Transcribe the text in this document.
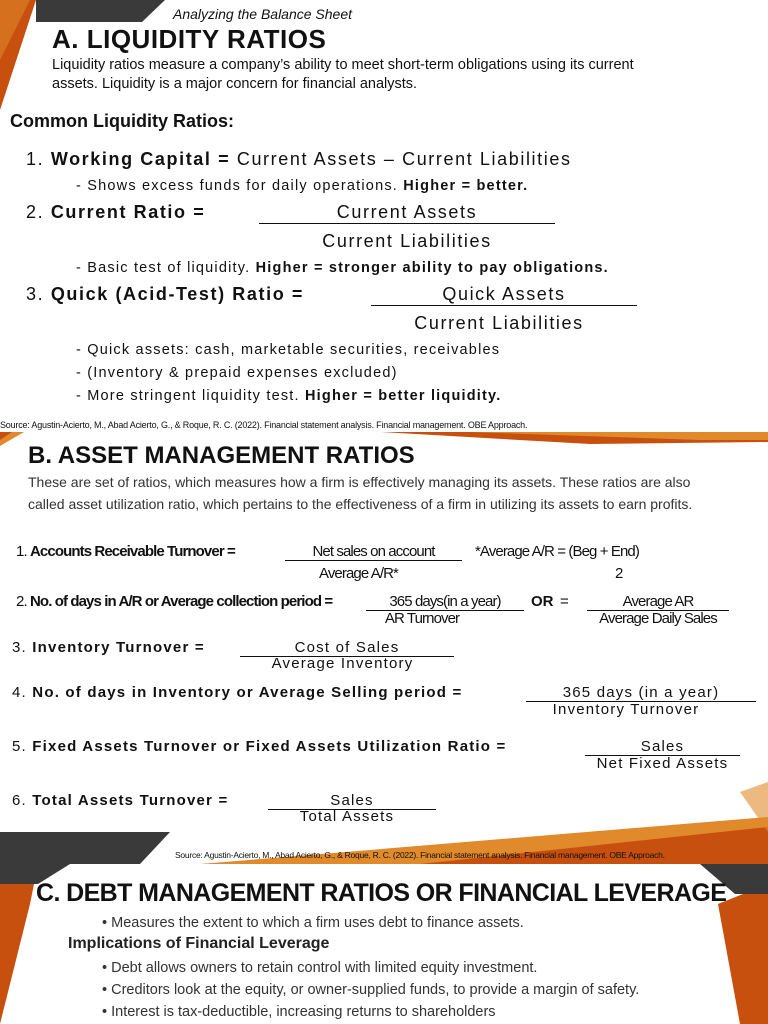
Analyzing the Balance Sheet
A. LIQUIDITY RATIOS
Liquidity ratios measure a company’s ability to meet short-term obligations using its current
assets. Liquidity is a major concern for financial analysts.
Common Liquidity Ratios:
1. Working Capital = Current Assets – Current Liabilities
- Shows excess funds for daily operations. Higher = better.
2. Current Ratio =	Current Assets
Current Liabilities
- Basic test of liquidity. Higher = stronger ability to pay obligations.
3. Quick (Acid-Test) Ratio =	Quick Assets
Current Liabilities
- Quick assets: cash, marketable securities, receivables
- (Inventory & prepaid expenses excluded)
- More stringent liquidity test. Higher = better liquidity.
Source: Agustin-Acierto, M., Abad Acierto, G., & Roque, R. C. (2022). Financial statement analysis. Financial management. OBE Approach.
B. ASSET MANAGEMENT RATIOS
These are set of ratios, which measures how a firm is effectively managing its assets. These ratios are also
called asset utilization ratio, which pertains to the effectiveness of a firm in utilizing its assets to earn profits.
1. Accounts Receivable Turnover =	Net sales on account
Average A/R*
*Average A/R = (Beg + End)
2
2. No. of days in A/R or Average collection period =	365 days(in a year)
AR Turnover
OR =	Average AR
Average Daily Sales
3. Inventory Turnover =	Cost of Sales
Average Inventory
4. No. of days in Inventory or Average Selling period =	365 days (in a year)
Inventory Turnover
5. Fixed Assets Turnover or Fixed Assets Utilization Ratio =	Sales
Net Fixed Assets
6. Total Assets Turnover =	Sales
Total Assets
Source: Agustin-Acierto, M., Abad Acierto, G., & Roque, R. C. (2022). Financial statement analysis. Financial management. OBE Approach.
C. DEBT MANAGEMENT RATIOS OR FINANCIAL LEVERAGE
• Measures the extent to which a firm uses debt to finance assets.
Implications of Financial Leverage
• Debt allows owners to retain control with limited equity investment.
• Creditors look at the equity, or owner-supplied funds, to provide a margin of safety.
• Interest is tax-deductible, increasing returns to shareholders
